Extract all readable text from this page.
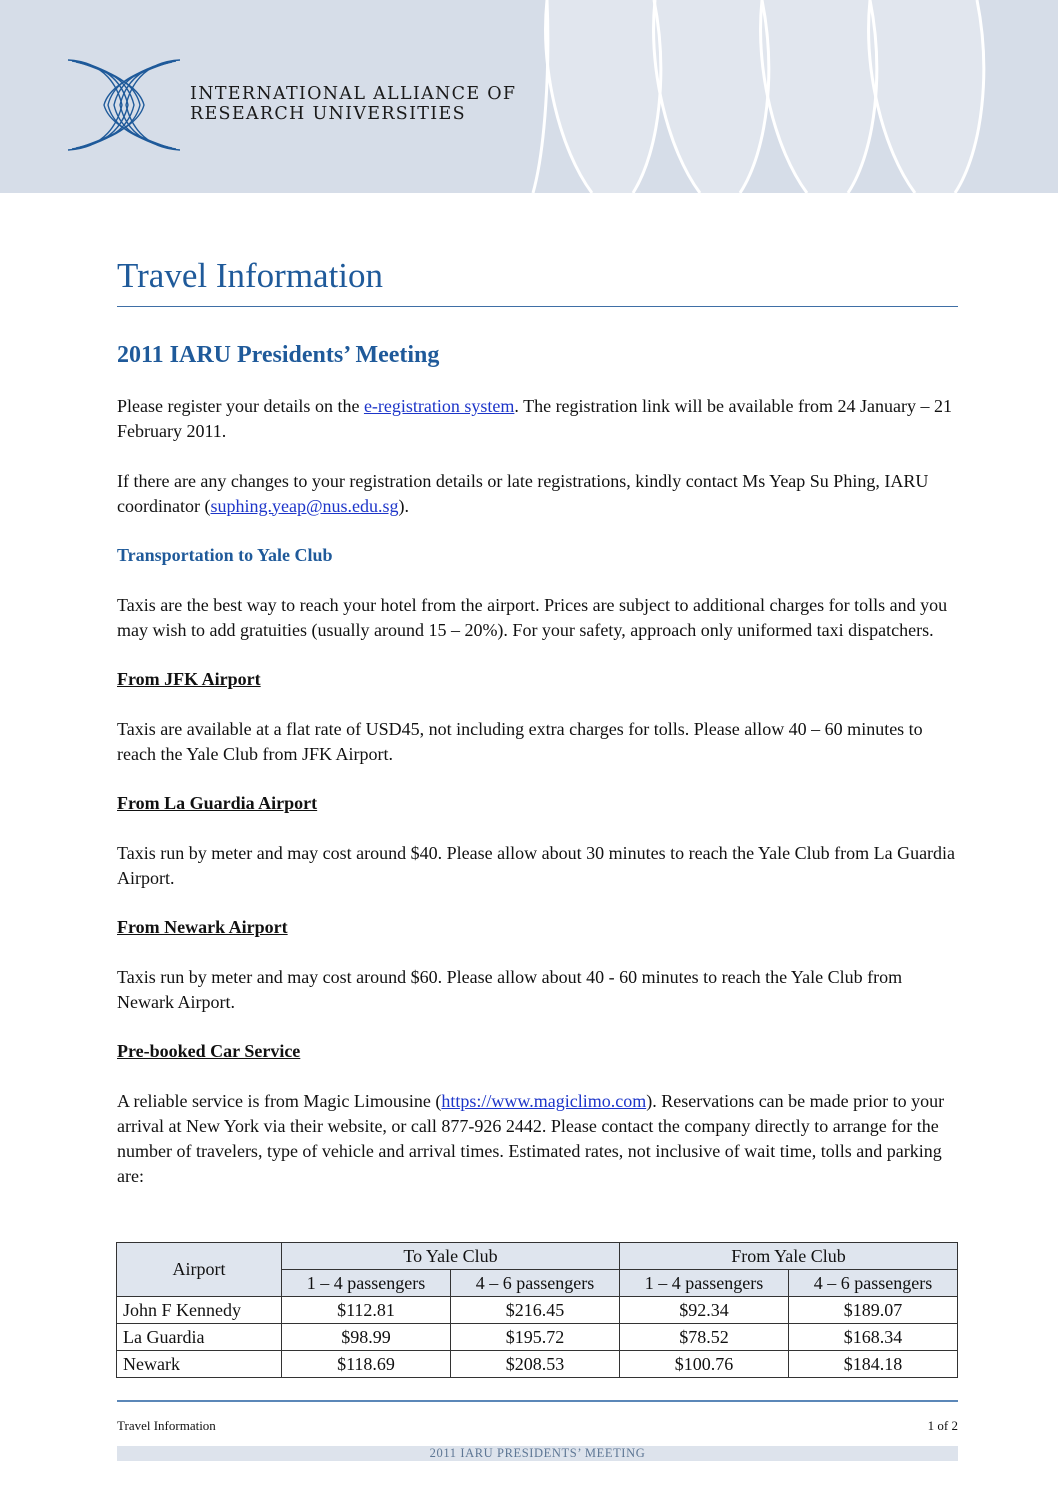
INTERNATIONAL ALLIANCE OF
RESEARCH UNIVERSITIES
Travel Information
2011 IARU Presidents’ Meeting

Please register your details on the e-registration system. The registration link will be available from 24 January – 21 February 2011.

If there are any changes to your registration details or late registrations, kindly contact Ms Yeap Su Phing, IARU coordinator (suphing.yeap@nus.edu.sg).

Transportation to Yale Club

Taxis are the best way to reach your hotel from the airport. Prices are subject to additional charges for tolls and you may wish to add gratuities (usually around 15 – 20%). For your safety, approach only uniformed taxi dispatchers.

From JFK Airport

Taxis are available at a flat rate of USD45, not including extra charges for tolls. Please allow 40 – 60 minutes to reach the Yale Club from JFK Airport.

From La Guardia Airport

Taxis run by meter and may cost around $40. Please allow about 30 minutes to reach the Yale Club from La Guardia Airport.

From Newark Airport

Taxis run by meter and may cost around $60. Please allow about 40 - 60 minutes to reach the Yale Club from Newark Airport.

Pre-booked Car Service

A reliable service is from Magic Limousine (https://www.magiclimo.com). Reservations can be made prior to your arrival at New York via their website, or call 877-926 2442. Please contact the company directly to arrange for the number of travelers, type of vehicle and arrival times. Estimated rates, not inclusive of wait time, tolls and parking are:

Airport	To Yale Club		From Yale Club	
	1 – 4 passengers	4 – 6 passengers	1 – 4 passengers	4 – 6 passengers
John F Kennedy	$112.81	$216.45	$92.34	$189.07
La Guardia	$98.99	$195.72	$78.52	$168.34
Newark	$118.69	$208.53	$100.76	$184.18
Travel Information	1 of 2
2011 IARU PRESIDENTS’ MEETING
